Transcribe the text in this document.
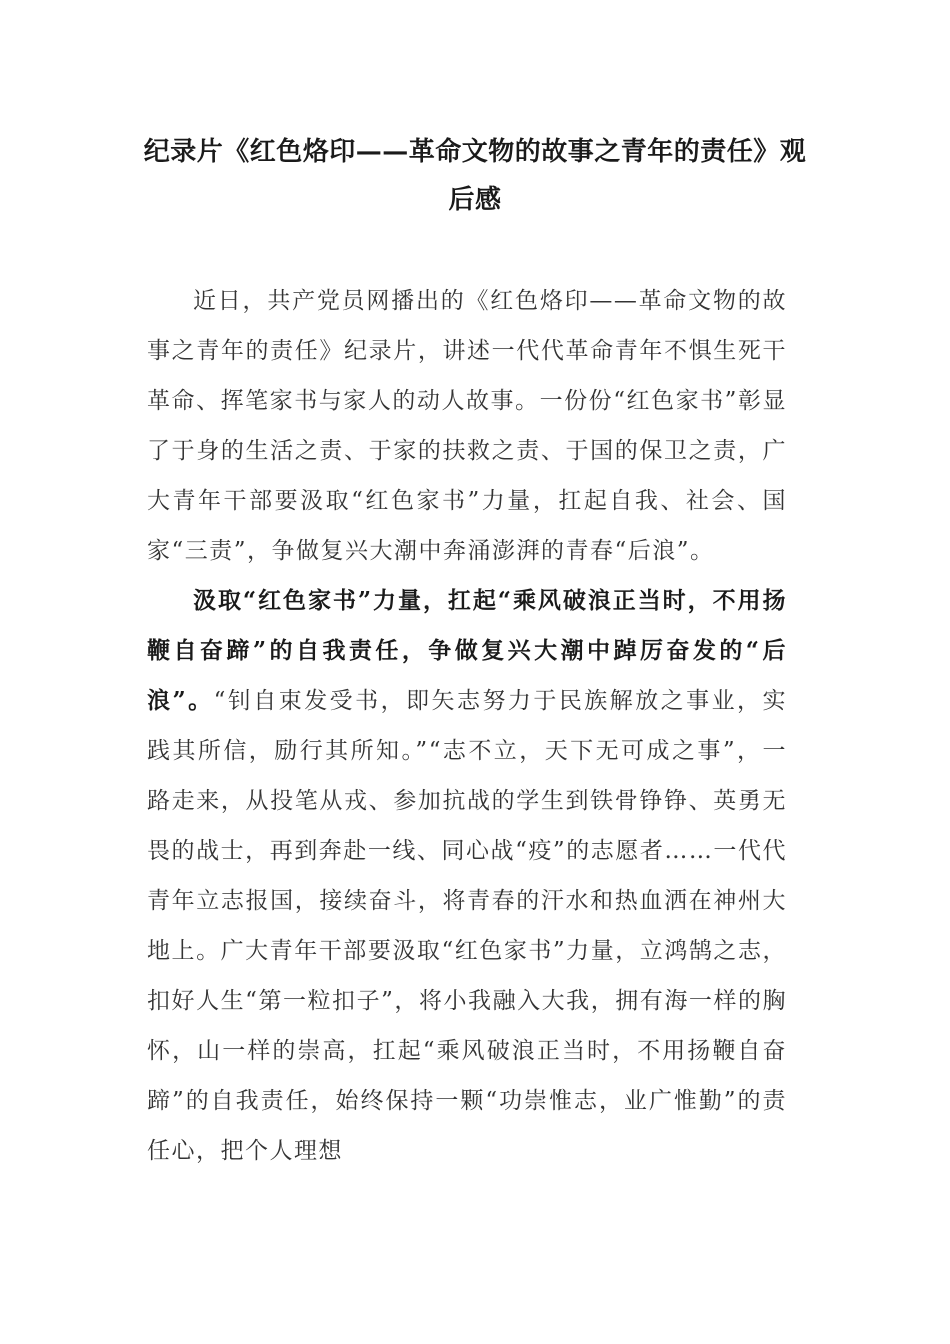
纪录片《红色烙印——革命文物的故事之青年的责任》观后感

近日，共产党员网播出的《红色烙印——革命文物的故事之青年的责任》纪录片，讲述一代代革命青年不惧生死干革命、挥笔家书与家人的动人故事。一份份“红色家书”彰显了于身的生活之责、于家的扶救之责、于国的保卫之责，广大青年干部要汲取“红色家书”力量，扛起自我、社会、国家“三责”，争做复兴大潮中奔涌澎湃的青春“后浪”。

汲取“红色家书”力量，扛起“乘风破浪正当时，不用扬鞭自奋蹄”的自我责任，争做复兴大潮中踔厉奋发的“后浪”。“钊自束发受书，即矢志努力于民族解放之事业，实践其所信，励行其所知。”“志不立，天下无可成之事”，一路走来，从投笔从戎、参加抗战的学生到铁骨铮铮、英勇无畏的战士，再到奔赴一线、同心战“疫”的志愿者……一代代青年立志报国，接续奋斗，将青春的汗水和热血洒在神州大地上。广大青年干部要汲取“红色家书”力量，立鸿鹄之志，扣好人生“第一粒扣子”，将小我融入大我，拥有海一样的胸怀，山一样的崇高，扛起“乘风破浪正当时，不用扬鞭自奋蹄”的自我责任，始终保持一颗“功崇惟志，业广惟勤”的责任心，把个人理想
